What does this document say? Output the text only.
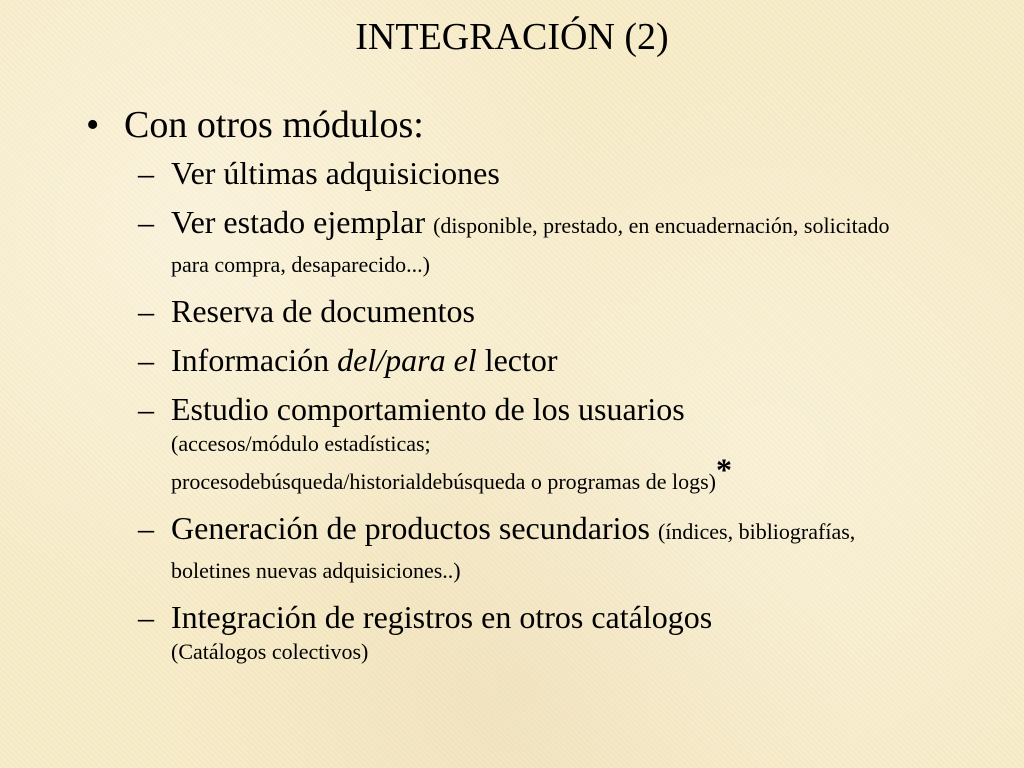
INTEGRACIÓN (2)
• Con otros módulos:
– Ver últimas adquisiciones
– Ver estado ejemplar (disponible, prestado, en encuadernación, solicitado para compra, desaparecido...)
– Reserva de documentos
– Información del/para el lector
– Estudio comportamiento de los usuarios
(accesos/módulo estadísticas;
procesodebúsqueda/historialdebúsqueda o programas de logs)*
– Generación de productos secundarios (índices, bibliografías, boletines nuevas adquisiciones..)
– Integración de registros en otros catálogos
(Catálogos colectivos)
